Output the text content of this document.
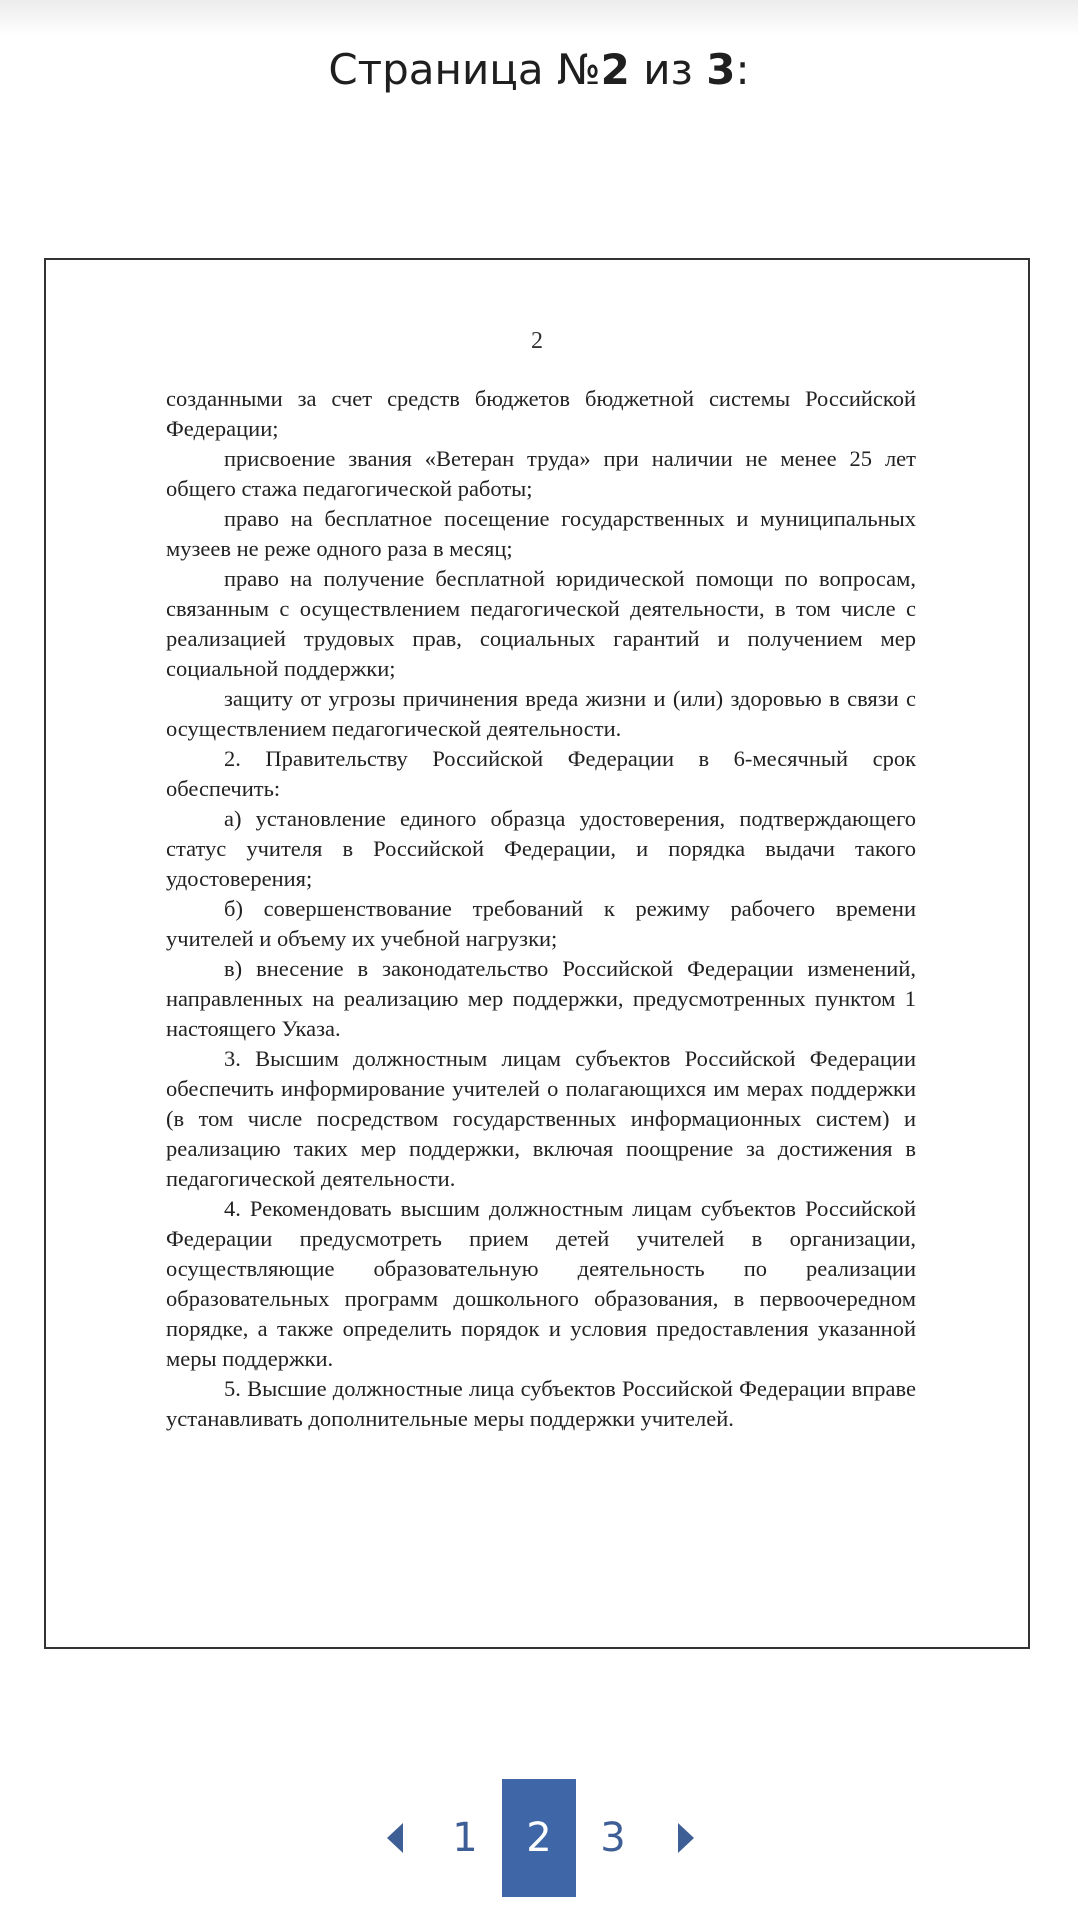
Страница №2 из 3:
2

созданными за счет средств бюджетов бюджетной системы Российской Федерации;

присвоение звания «Ветеран труда» при наличии не менее 25 лет общего стажа педагогической работы;

право на бесплатное посещение государственных и муниципальных музеев не реже одного раза в месяц;

право на получение бесплатной юридической помощи по вопросам, связанным с осуществлением педагогической деятельности, в том числе с реализацией трудовых прав, социальных гарантий и получением мер социальной поддержки;

защиту от угрозы причинения вреда жизни и (или) здоровью в связи с осуществлением педагогической деятельности.

2. Правительству Российской Федерации в 6-месячный срок обеспечить:

а) установление единого образца удостоверения, подтверждающего статус учителя в Российской Федерации, и порядка выдачи такого удостоверения;

б) совершенствование требований к режиму рабочего времени учителей и объему их учебной нагрузки;

в) внесение в законодательство Российской Федерации изменений, направленных на реализацию мер поддержки, предусмотренных пунктом 1 настоящего Указа.

3. Высшим должностным лицам субъектов Российской Федерации обеспечить информирование учителей о полагающихся им мерах поддержки (в том числе посредством государственных информационных систем) и реализацию таких мер поддержки, включая поощрение за достижения в педагогической деятельности.

4. Рекомендовать высшим должностным лицам субъектов Российской Федерации предусмотреть прием детей учителей в организации, осуществляющие образовательную деятельность по реализации образовательных программ дошкольного образования, в первоочередном порядке, а также определить порядок и условия предоставления указанной меры поддержки.

5. Высшие должностные лица субъектов Российской Федерации вправе устанавливать дополнительные меры поддержки учителей.

1	2	3
